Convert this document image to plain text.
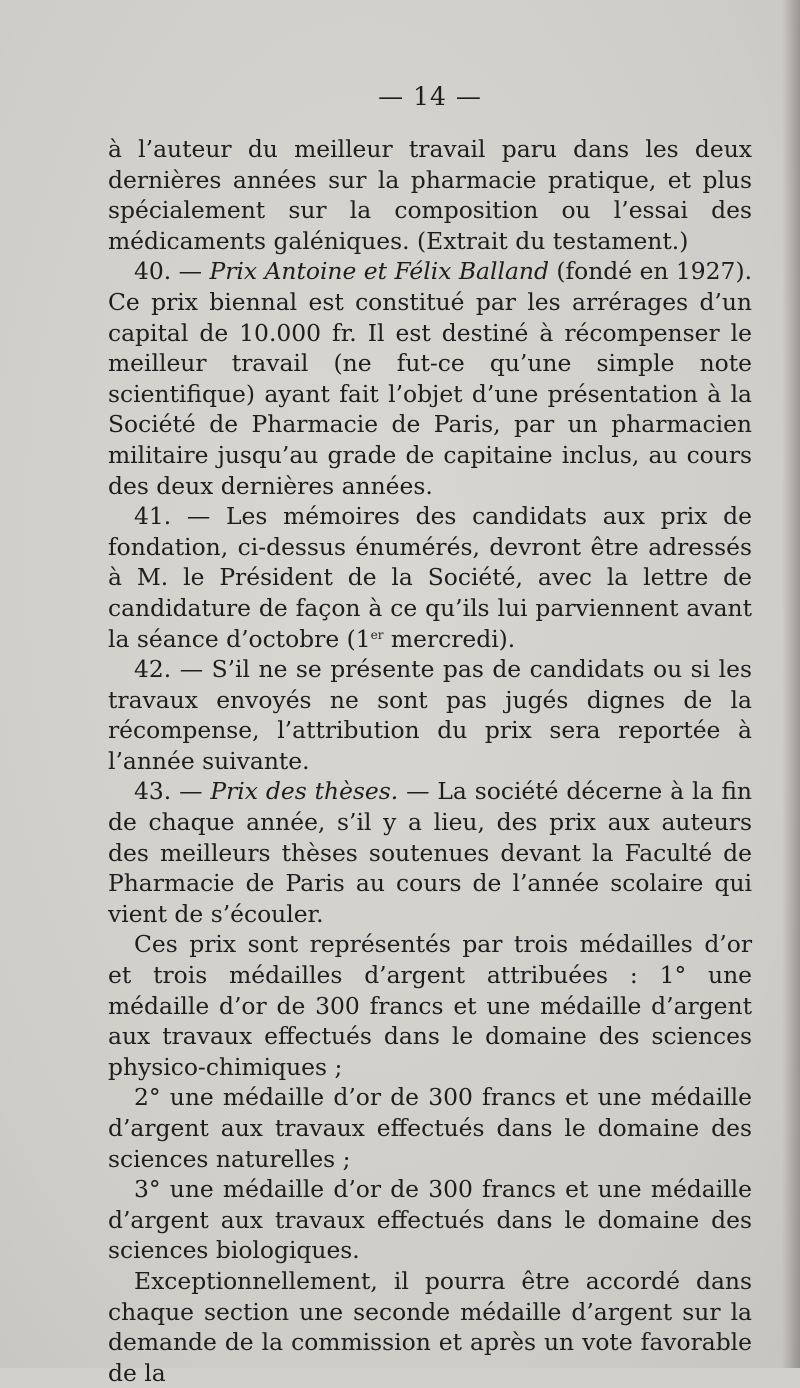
— 14 —

à l’auteur du meilleur travail paru dans les deux dernières années sur la pharmacie pratique, et plus spécialement sur la composition ou l’essai des médicaments galéniques. (Extrait du testament.)

40. — Prix Antoine et Félix Balland (fondé en 1927). Ce prix biennal est constitué par les arrérages d’un capital de 10.000 fr. Il est destiné à récompenser le meilleur travail (ne fut-ce qu’une simple note scientifique) ayant fait l’objet d’une présentation à la Société de Pharmacie de Paris, par un pharmacien militaire jusqu’au grade de capitaine inclus, au cours des deux dernières années.

41. — Les mémoires des candidats aux prix de fondation, ci-dessus énumérés, devront être adressés à M. le Président de la Société, avec la lettre de candidature de façon à ce qu’ils lui parviennent avant la séance d’octobre (1er mercredi).

42. — S’il ne se présente pas de candidats ou si les travaux envoyés ne sont pas jugés dignes de la récompense, l’attribution du prix sera reportée à l’année suivante.

43. — Prix des thèses. — La société décerne à la fin de chaque année, s’il y a lieu, des prix aux auteurs des meilleurs thèses soutenues devant la Faculté de Pharmacie de Paris au cours de l’année scolaire qui vient de s’écouler.

Ces prix sont représentés par trois médailles d’or et trois médailles d’argent attribuées : 1° une médaille d’or de 300 francs et une médaille d’argent aux travaux effectués dans le domaine des sciences physico-chimiques ;

2° une médaille d’or de 300 francs et une médaille d’argent aux travaux effectués dans le domaine des sciences naturelles ;

3° une médaille d’or de 300 francs et une médaille d’argent aux travaux effectués dans le domaine des sciences biologiques.

Exceptionnellement, il pourra être accordé dans chaque section une seconde médaille d’argent sur la demande de la commission et après un vote favorable de la
